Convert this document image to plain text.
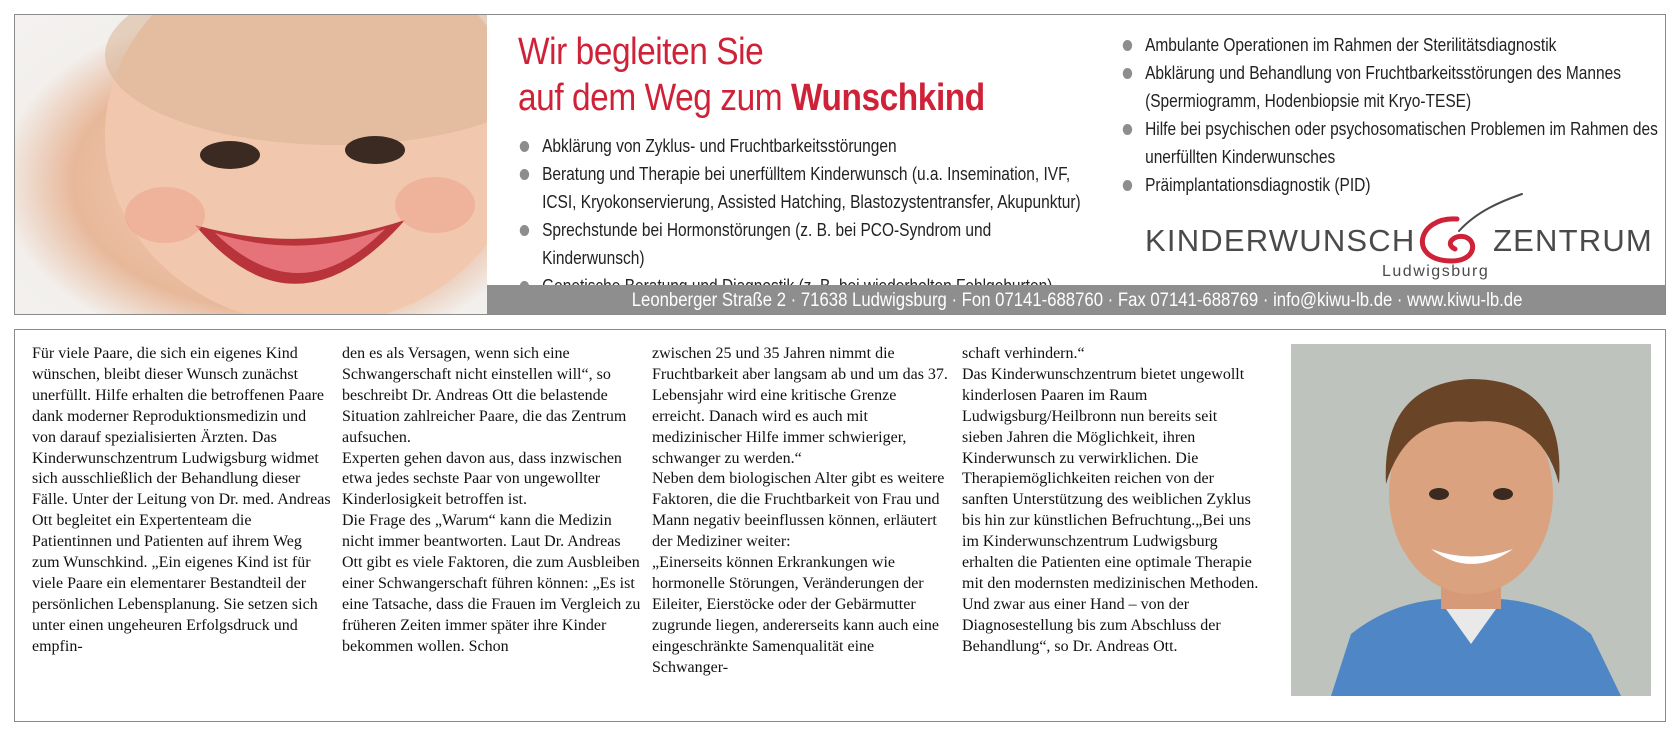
Wir begleiten Sie
auf dem Weg zum Wunschkind
Abklärung von Zyklus- und Fruchtbarkeitsstörungen
Beratung und Therapie bei unerfülltem Kinderwunsch (u.a. Insemination, IVF, ICSI, Kryokonservierung, Assisted Hatching, Blastozystentransfer, Akupunktur)
Sprechstunde bei Hormonstörungen (z. B. bei PCO-Syndrom und Kinderwunsch)
Ambulante Operationen im Rahmen der Sterilitätsdiagnostik
Abklärung und Behandlung von Fruchtbarkeitsstörungen des Mannes (Spermiogramm, Hodenbiopsie mit Kryo-TESE)
Hilfe bei psychischen oder psychosomatischen Problemen im Rahmen des unerfüllten Kinderwunsches
Präimplantationsdiagnostik (PID)
KINDERWUNSCH	ZENTRUM
Ludwigsburg
Leonberger Straße 2 · 71638 Ludwigsburg · Fon 07141-688760 · Fax 07141-688769 · info@kiwu-lb.de · www.kiwu-lb.de

Für viele Paare, die sich ein eigenes Kind wünschen, bleibt dieser Wunsch zunächst unerfüllt. Hilfe erhalten die betroffenen Paare dank moderner Reproduktionsmedizin und von darauf spezialisierten Ärzten. Das Kinderwunschzentrum Ludwigsburg widmet sich ausschließlich der Behandlung dieser Fälle. Unter der Leitung von Dr. med. Andreas Ott begleitet ein Expertenteam die Patientinnen und Patienten auf ihrem Weg zum Wunschkind. „Ein eigenes Kind ist für viele Paare ein elementarer Bestandteil der persönlichen Lebensplanung. Sie setzen sich unter einen ungeheuren Erfolgsdruck und empfin-

den es als Versagen, wenn sich eine Schwangerschaft nicht einstellen will“, so beschreibt Dr. Andreas Ott die belastende Situation zahlreicher Paare, die das Zentrum aufsuchen.

Experten gehen davon aus, dass inzwischen etwa jedes sechste Paar von ungewollter Kinderlosigkeit betroffen ist.

Die Frage des „Warum“ kann die Medizin nicht immer beantworten. Laut Dr. Andreas Ott gibt es viele Faktoren, die zum Ausbleiben einer Schwangerschaft führen können: „Es ist eine Tatsache, dass die Frauen im Vergleich zu früheren Zeiten immer später ihre Kinder bekommen wollen. Schon

zwischen 25 und 35 Jahren nimmt die Fruchtbarkeit aber langsam ab und um das 37. Lebensjahr wird eine kritische Grenze erreicht. Danach wird es auch mit medizinischer Hilfe immer schwieriger, schwanger zu werden.“

Neben dem biologischen Alter gibt es weitere Faktoren, die die Fruchtbarkeit von Frau und Mann negativ beeinflussen können, erläutert der Mediziner weiter:

„Einerseits können Erkrankungen wie hormonelle Störungen, Veränderungen der Eileiter, Eierstöcke oder der Gebärmutter zugrunde liegen, andererseits kann auch eine eingeschränkte Samenqualität eine Schwanger-

schaft verhindern.“

Das Kinderwunschzentrum bietet ungewollt kinderlosen Paaren im Raum Ludwigsburg/Heilbronn nun bereits seit sieben Jahren die Möglichkeit, ihren Kinderwunsch zu verwirklichen. Die Therapiemöglichkeiten reichen von der sanften Unterstützung des weiblichen Zyklus bis hin zur künstlichen Befruchtung.„Bei uns im Kinderwunschzentrum Ludwigsburg erhalten die Patienten eine optimale Therapie mit den modernsten medizinischen Methoden. Und zwar aus einer Hand – von der Diagnosestellung bis zum Abschluss der Behandlung“, so Dr. Andreas Ott.
